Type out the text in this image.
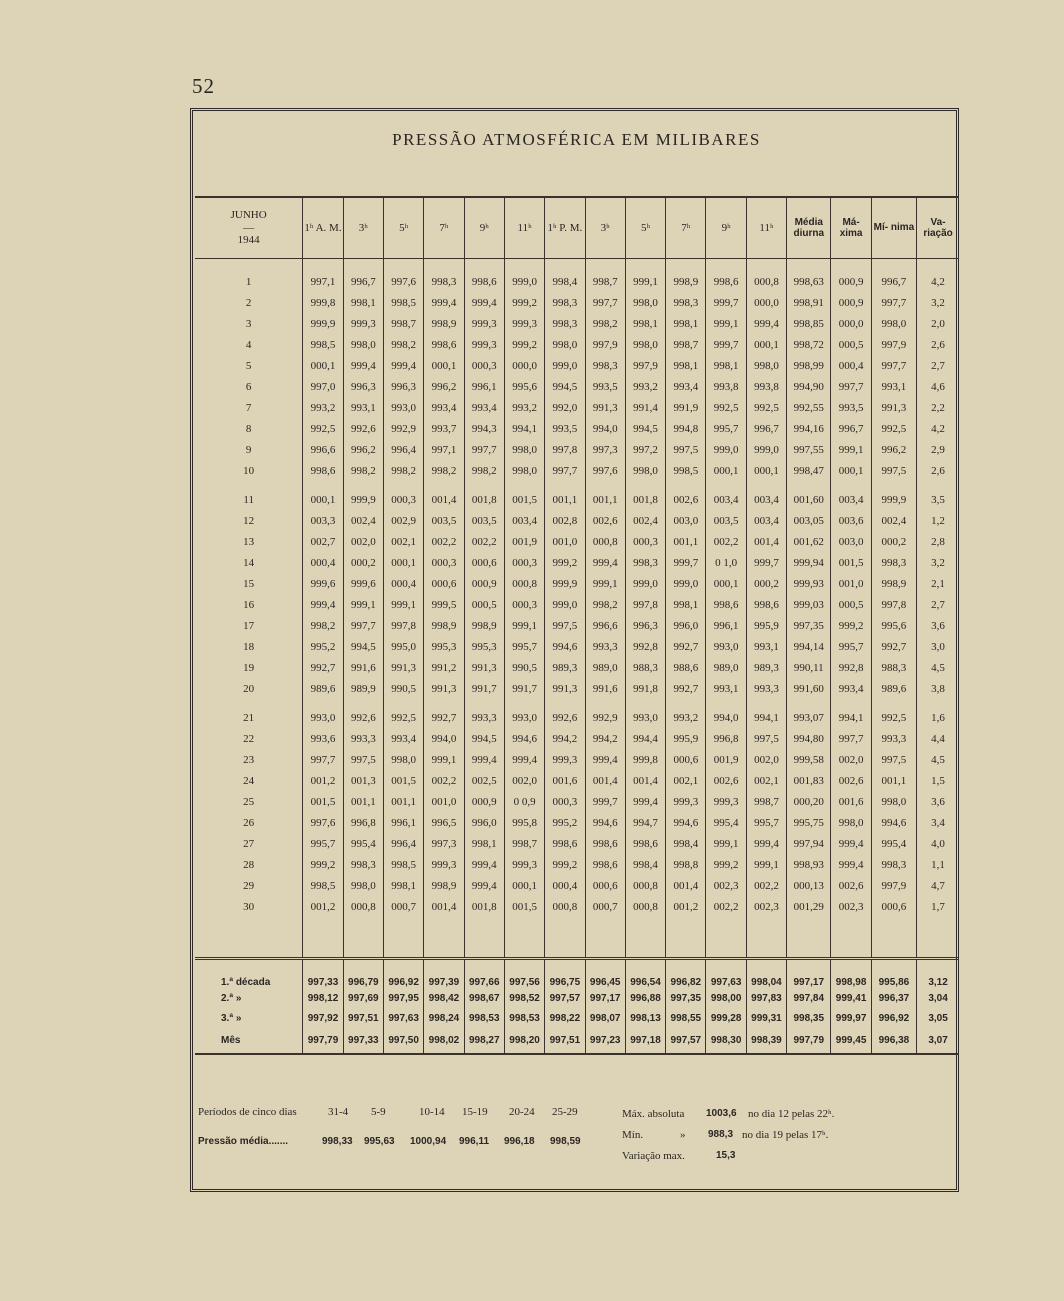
52
PRESSÃO ATMOSFÉRICA EM MILIBARES
JUNHO
—
1944	1ʰ A. M.	3ʰ	5ʰ	7ʰ	9ʰ	11ʰ	1ʰ P. M.	3ʰ	5ʰ	7ʰ	9ʰ	11ʰ	Média diurna	Má- xima	Mí- nima	Va- riação

1	997,1	996,7	997,6	998,3	998,6	999,0	998,4	998,7	999,1	998,9	998,6	000,8	998,63	000,9	996,7	4,2
2	999,8	998,1	998,5	999,4	999,4	999,2	998,3	997,7	998,0	998,3	999,7	000,0	998,91	000,9	997,7	3,2
3	999,9	999,3	998,7	998,9	999,3	999,3	998,3	998,2	998,1	998,1	999,1	999,4	998,85	000,0	998,0	2,0
4	998,5	998,0	998,2	998,6	999,3	999,2	998,0	997,9	998,0	998,7	999,7	000,1	998,72	000,5	997,9	2,6
5	000,1	999,4	999,4	000,1	000,3	000,0	999,0	998,3	997,9	998,1	998,1	998,0	998,99	000,4	997,7	2,7
6	997,0	996,3	996,3	996,2	996,1	995,6	994,5	993,5	993,2	993,4	993,8	993,8	994,90	997,7	993,1	4,6
7	993,2	993,1	993,0	993,4	993,4	993,2	992,0	991,3	991,4	991,9	992,5	992,5	992,55	993,5	991,3	2,2
8	992,5	992,6	992,9	993,7	994,3	994,1	993,5	994,0	994,5	994,8	995,7	996,7	994,16	996,7	992,5	4,2
9	996,6	996,2	996,4	997,1	997,7	998,0	997,8	997,3	997,2	997,5	999,0	999,0	997,55	999,1	996,2	2,9
10	998,6	998,2	998,2	998,2	998,2	998,0	997,7	997,6	998,0	998,5	000,1	000,1	998,47	000,1	997,5	2,6

11	000,1	999,9	000,3	001,4	001,8	001,5	001,1	001,1	001,8	002,6	003,4	003,4	001,60	003,4	999,9	3,5
12	003,3	002,4	002,9	003,5	003,5	003,4	002,8	002,6	002,4	003,0	003,5	003,4	003,05	003,6	002,4	1,2
13	002,7	002,0	002,1	002,2	002,2	001,9	001,0	000,8	000,3	001,1	002,2	001,4	001,62	003,0	000,2	2,8
14	000,4	000,2	000,1	000,3	000,6	000,3	999,2	999,4	998,3	999,7	0 1,0	999,7	999,94	001,5	998,3	3,2
15	999,6	999,6	000,4	000,6	000,9	000,8	999,9	999,1	999,0	999,0	000,1	000,2	999,93	001,0	998,9	2,1
16	999,4	999,1	999,1	999,5	000,5	000,3	999,0	998,2	997,8	998,1	998,6	998,6	999,03	000,5	997,8	2,7
17	998,2	997,7	997,8	998,9	998,9	999,1	997,5	996,6	996,3	996,0	996,1	995,9	997,35	999,2	995,6	3,6
18	995,2	994,5	995,0	995,3	995,3	995,7	994,6	993,3	992,8	992,7	993,0	993,1	994,14	995,7	992,7	3,0
19	992,7	991,6	991,3	991,2	991,3	990,5	989,3	989,0	988,3	988,6	989,0	989,3	990,11	992,8	988,3	4,5
20	989,6	989,9	990,5	991,3	991,7	991,7	991,3	991,6	991,8	992,7	993,1	993,3	991,60	993,4	989,6	3,8

21	993,0	992,6	992,5	992,7	993,3	993,0	992,6	992,9	993,0	993,2	994,0	994,1	993,07	994,1	992,5	1,6
22	993,6	993,3	993,4	994,0	994,5	994,6	994,2	994,2	994,4	995,9	996,8	997,5	994,80	997,7	993,3	4,4
23	997,7	997,5	998,0	999,1	999,4	999,4	999,3	999,4	999,8	000,6	001,9	002,0	999,58	002,0	997,5	4,5
24	001,2	001,3	001,5	002,2	002,5	002,0	001,6	001,4	001,4	002,1	002,6	002,1	001,83	002,6	001,1	1,5
25	001,5	001,1	001,1	001,0	000,9	0 0,9	000,3	999,7	999,4	999,3	999,3	998,7	000,20	001,6	998,0	3,6
26	997,6	996,8	996,1	996,5	996,0	995,8	995,2	994,6	994,7	994,6	995,4	995,7	995,75	998,0	994,6	3,4
27	995,7	995,4	996,4	997,3	998,1	998,7	998,6	998,6	998,6	998,4	999,1	999,4	997,94	999,4	995,4	4,0
28	999,2	998,3	998,5	999,3	999,4	999,3	999,2	998,6	998,4	998,8	999,2	999,1	998,93	999,4	998,3	1,1
29	998,5	998,0	998,1	998,9	999,4	000,1	000,4	000,6	000,8	001,4	002,3	002,2	000,13	002,6	997,9	4,7
30	001,2	000,8	000,7	001,4	001,8	001,5	000,8	000,7	000,8	001,2	002,2	002,3	001,29	002,3	000,6	1,7

1.ª década	997,33	996,79	996,92	997,39	997,66	997,56	996,75	996,45	996,54	996,82	997,63	998,04	997,17	998,98	995,86	3,12
2.ª »	998,12	997,69	997,95	998,42	998,67	998,52	997,57	997,17	996,88	997,35	998,00	997,83	997,84	999,41	996,37	3,04
3.ª »	997,92	997,51	997,63	998,24	998,53	998,53	998,22	998,07	998,13	998,55	999,28	999,31	998,35	999,97	996,92	3,05
Mês	997,79	997,33	997,50	998,02	998,27	998,20	997,51	997,23	997,18	997,57	998,30	998,39	997,79	999,45	996,38	3,07
Períodos de cinco dias	31-4 5-9	10-14 15-19 20-24 25-29
Pressão média.......	998,33 995,63 1000,94 996,11 996,18 998,59
Máx. absoluta 1003,6 no dia 12 pelas 22ʰ.
Mín.	» 988,3 no dia 19 pelas 17ʰ.
Variação max.	15,3
